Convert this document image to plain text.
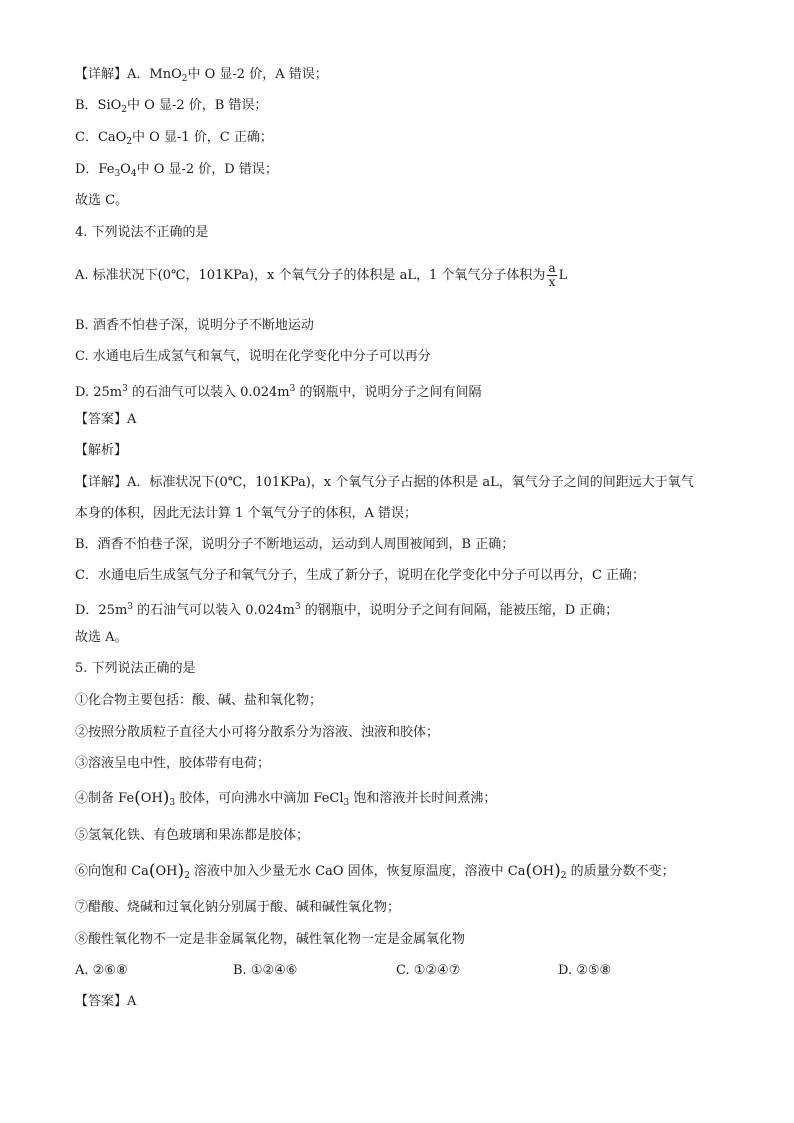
【详解】A．MnO$_2$中 O 显-2 价，A 错误；
B．SiO$_2$中 O 显-2 价，B 错误；
C．CaO$_2$中 O 显-1 价，C 正确；
D．$Fe_3O_4$中 O 显-2 价，D 错误；
故选 C。
4. 下列说法不正确的是
A. 标准状况下(0℃，101KPa)，x 个氧气分子的体积是 aL，1 个氧气分子体积为 $\frac{a}{x}$ L
B. 酒香不怕巷子深，说明分子不断地运动
C. 水通电后生成氢气和氧气，说明在化学变化中分子可以再分
D. $25m^3$ 的石油气可以装入 $0.024m^3$ 的钢瓶中，说明分子之间有间隔
【答案】A
【解析】
【详解】A．标准状况下(0℃，101KPa)，x 个氧气分子占据的体积是 aL，氧气分子之间的间距远大于氧气
本身的体积，因此无法计算 1 个氧气分子的体积，A 错误；
B．酒香不怕巷子深，说明分子不断地运动，运动到人周围被闻到，B 正确；
C．水通电后生成氢气分子和氧气分子，生成了新分子，说明在化学变化中分子可以再分，C 正确；
D．$25m^3$ 的石油气可以装入 $0.024m^3$ 的钢瓶中，说明分子之间有间隔，能被压缩，D 正确；
故选 A。
5. 下列说法正确的是
①化合物主要包括：酸、碱、盐和氧化物；
②按照分散质粒子直径大小可将分散系分为溶液、浊液和胶体；
③溶液呈电中性，胶体带有电荷；
④制备 $Fe(OH)_3$ 胶体，可向沸水中滴加 FeCl$_3$ 饱和溶液并长时间煮沸；
⑤氢氧化铁、有色玻璃和果冻都是胶体；
⑥向饱和 $Ca(OH)_2$ 溶液中加入少量无水 CaO 固体，恢复原温度，溶液中 $Ca(OH)_2$ 的质量分数不变；
⑦醋酸、烧碱和过氧化钠分别属于酸、碱和碱性氧化物；
⑧酸性氧化物不一定是非金属氧化物，碱性氧化物一定是金属氧化物
A. ②⑥⑧	B. ①②④⑥	C. ①②④⑦	D. ②⑤⑧
【答案】A
